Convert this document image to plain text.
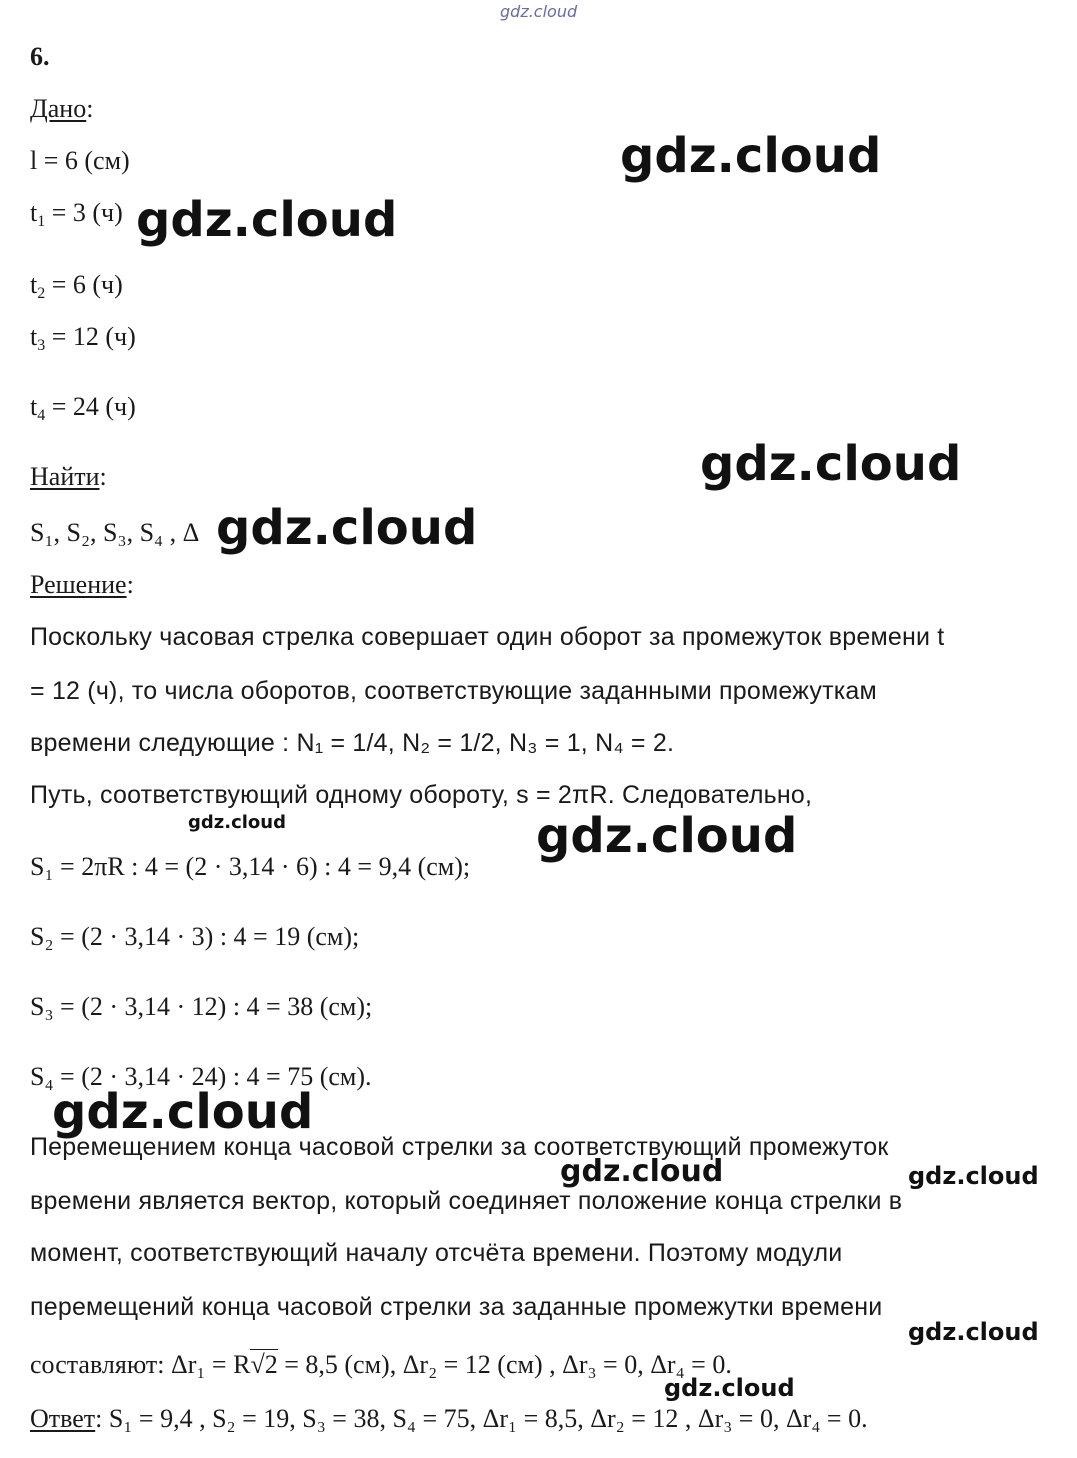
gdz.cloud
gdz.cloud
gdz.cloud
gdz.cloud
gdz.cloud
gdz.cloud	gdz.cloud
gdz.cloud
gdz.cloud	gdz.cloud
gdz.cloud
gdz.cloud
6.
Дано:
l = 6 (см)
$t_1 = 3$ (ч)
$t_2 = 6$ (ч)
$t_3 = 12$ (ч)
$t_4 = 24$ (ч)
Найти:
S₁, S₂, S₃, S₄ , Δ
Решение:
Поскольку часовая стрелка совершает один оборот за промежуток времени t
= 12 (ч), то числа оборотов, соответствующие заданными промежуткам
времени следующие : N₁ = 1/4, N₂ = 1/2, N₃ = 1, N₄ = 2.
Путь, соответствующий одному обороту, s = 2πR. Следовательно,
S₁ = 2πR : 4 = (2 · 3,14 · 6) : 4 = 9,4 (см);
S₂ = (2 · 3,14 · 3) : 4 = 19 (см);
S₃ = (2 · 3,14 · 12) : 4 = 38 (см);
S₄ = (2 · 3,14 · 24) : 4 = 75 (см).
Перемещением конца часовой стрелки за соответствующий промежуток
времени является вектор, который соединяет положение конца стрелки в
момент, соответствующий началу отсчёта времени. Поэтому модули
перемещений конца часовой стрелки за заданные промежутки времени
составляют: Δr₁ = R√2 = 8,5 (см), Δr₂ = 12 (см) , Δr₃ = 0, Δr₄ = 0.
Ответ: S₁ = 9,4 , S₂ = 19, S₃ = 38, S₄ = 75, Δr₁ = 8,5, Δr₂ = 12 , Δr₃ = 0, Δr₄ = 0.
